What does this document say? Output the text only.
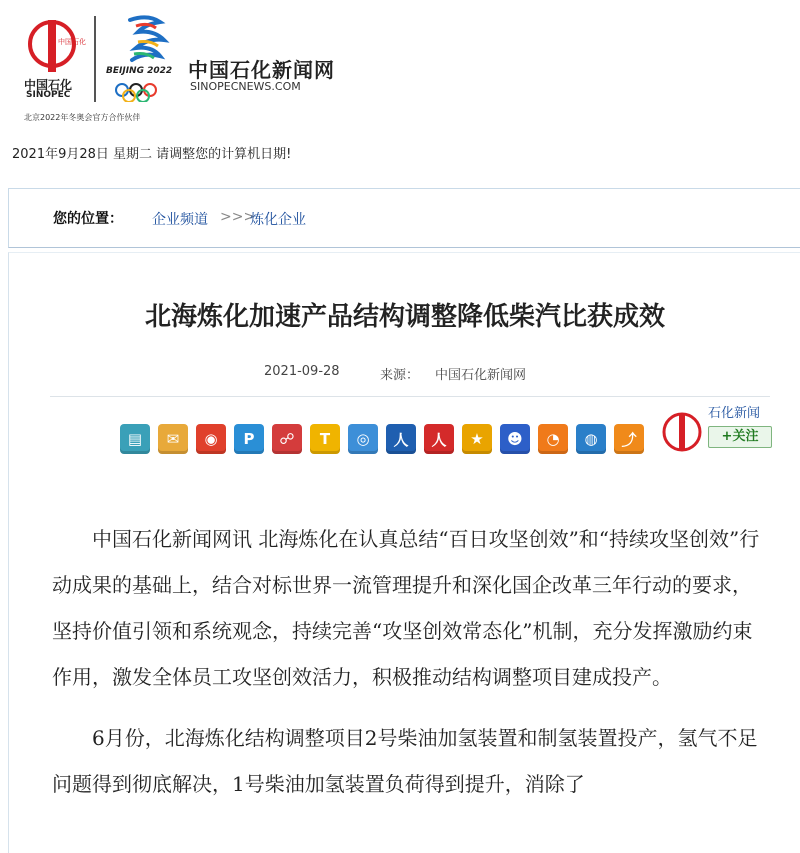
中国石化
中国石化
SINOPEC
BEIJING 2022 中国石化新闻网
SINOPECNEWS.COM
北京2022年冬奥会官方合作伙伴
2021年9月28日 星期二 请调整您的计算机日期!
您的位置： 企业频道 >>>
炼化企业
北海炼化加速产品结构调整降低柴汽比获成效
2021-09-28	来源： 中国石化新闻网
▤	✉	◉	P	☍	T	◎	人	人	★	☻	◔	◍	⤴
石化新闻
+关注

中国石化新闻网讯 北海炼化在认真总结“百日攻坚创效”和“持续攻坚创效”行动成果的基础上，结合对标世界一流管理提升和深化国企改革三年行动的要求，坚持价值引领和系统观念，持续完善“攻坚创效常态化”机制，充分发挥激励约束作用，激发全体员工攻坚创效活力，积极推动结构调整项目建成投产。

6月份，北海炼化结构调整项目2号柴油加氢装置和制氢装置投产，氢气不足问题得到彻底解决，1号柴油加氢装置负荷得到提升，消除了
